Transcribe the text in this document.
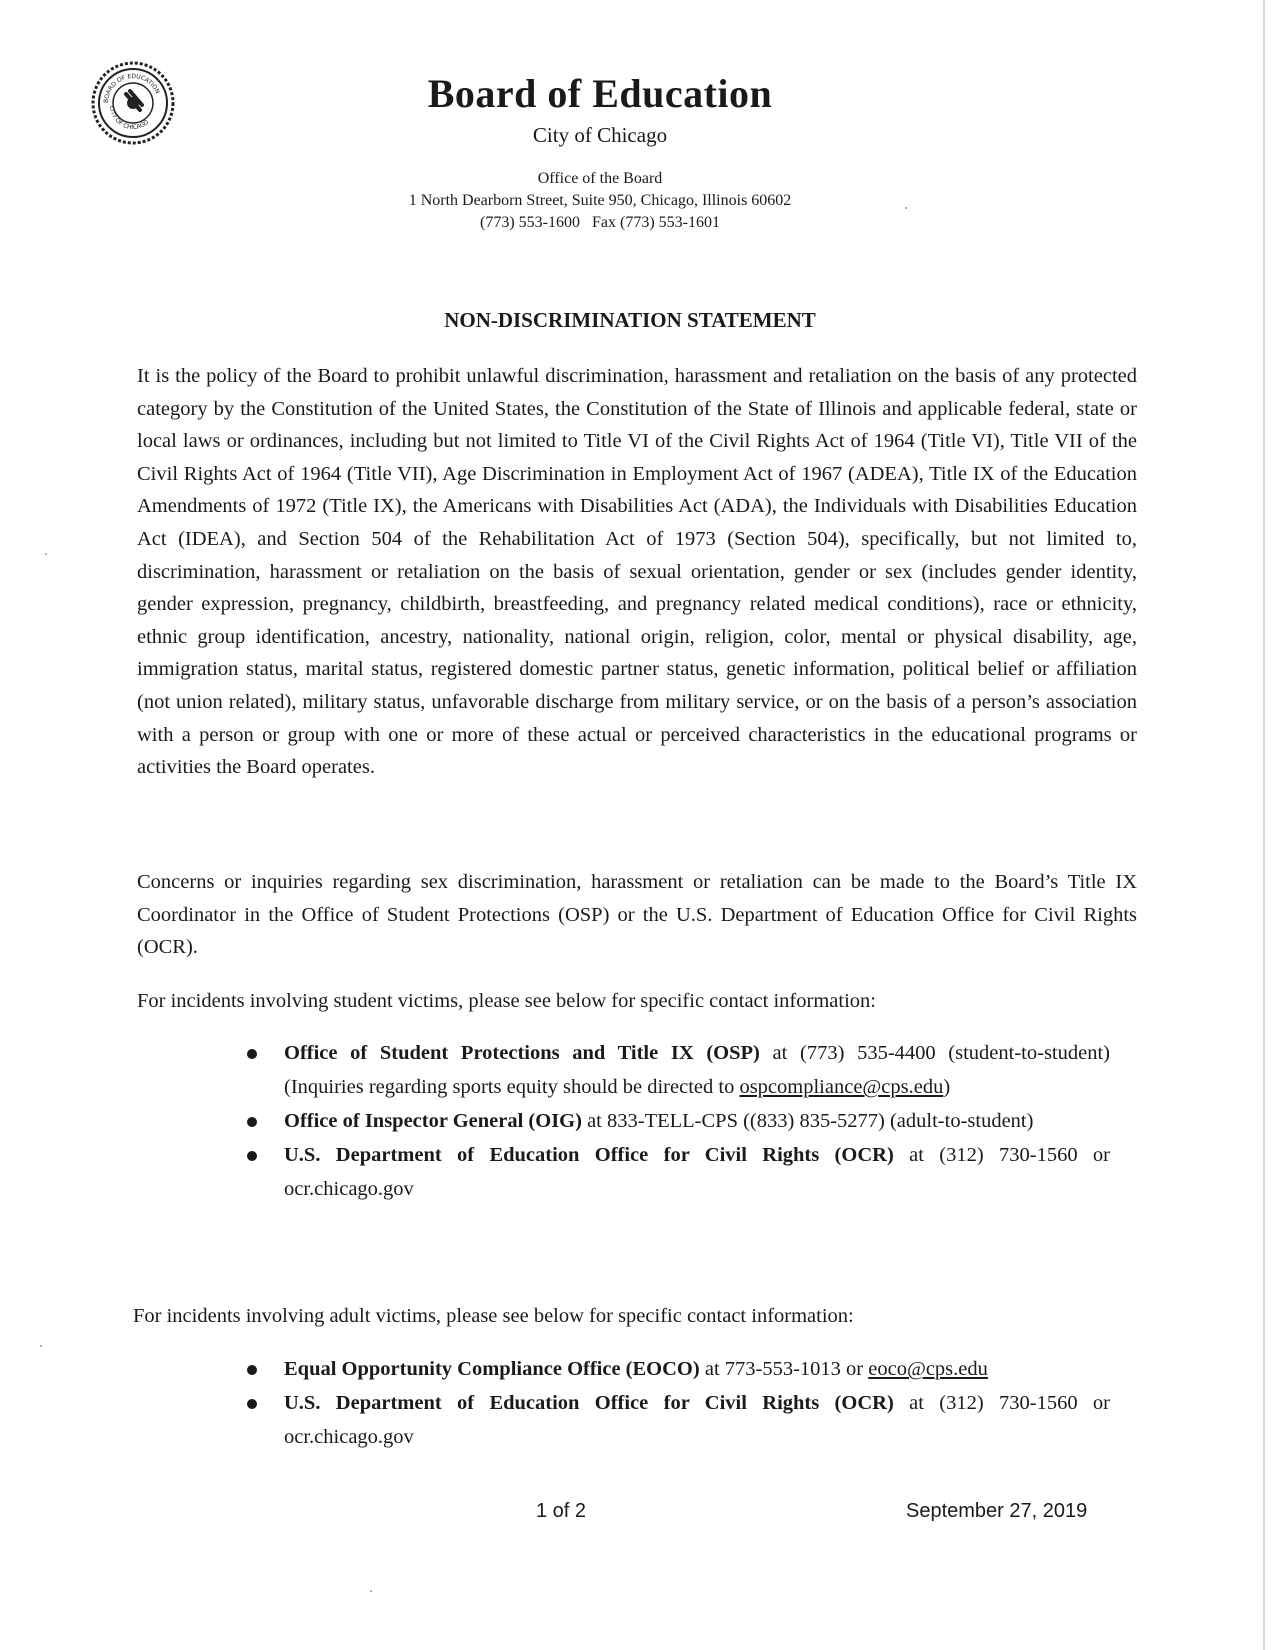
BOARD OF EDUCATION
CITY OF CHICAGO
Board of Education
City of Chicago
Office of the Board
1 North Dearborn Street, Suite 950, Chicago, Illinois 60602
(773) 553-1600   Fax (773) 553-1601
NON-DISCRIMINATION STATEMENT
It is the policy of the Board to prohibit unlawful discrimination, harassment and retaliation on the basis of any protected category by the Constitution of the United States, the Constitution of the State of Illinois and applicable federal, state or local laws or ordinances, including but not limited to Title VI of the Civil Rights Act of 1964 (Title VI), Title VII of the Civil Rights Act of 1964 (Title VII), Age Discrimination in Employment Act of 1967 (ADEA), Title IX of the Education Amendments of 1972 (Title IX), the Americans with Disabilities Act (ADA), the Individuals with Disabilities Education Act (IDEA), and Section 504 of the Rehabilitation Act of 1973 (Section 504), specifically, but not limited to, discrimination, harassment or retaliation on the basis of sexual orientation, gender or sex (includes gender identity, gender expression, pregnancy, childbirth, breastfeeding, and pregnancy related medical conditions), race or ethnicity, ethnic group identification, ancestry, nationality, national origin, religion, color, mental or physical disability, age, immigration status, marital status, registered domestic partner status, genetic information, political belief or affiliation (not union related), military status, unfavorable discharge from military service, or on the basis of a person’s association with a person or group with one or more of these actual or perceived characteristics in the educational programs or activities the Board operates.
Concerns or inquiries regarding sex discrimination, harassment or retaliation can be made to the Board’s Title IX Coordinator in the Office of Student Protections (OSP) or the U.S. Department of Education Office for Civil Rights (OCR).
For incidents involving student victims, please see below for specific contact information:
Office of Student Protections and Title IX (OSP) at (773) 535-4400 (student-to-student) (Inquiries regarding sports equity should be directed to ospcompliance@cps.edu)
Office of Inspector General (OIG) at 833-TELL-CPS ((833) 835-5277) (adult-to-student)
U.S. Department of Education Office for Civil Rights (OCR) at (312) 730-1560 or ocr.chicago.gov
For incidents involving adult victims, please see below for specific contact information:
Equal Opportunity Compliance Office (EOCO) at 773-553-1013 or eoco@cps.edu
U.S. Department of Education Office for Civil Rights (OCR) at (312) 730-1560 or ocr.chicago.gov
1 of 2	September 27, 2019
